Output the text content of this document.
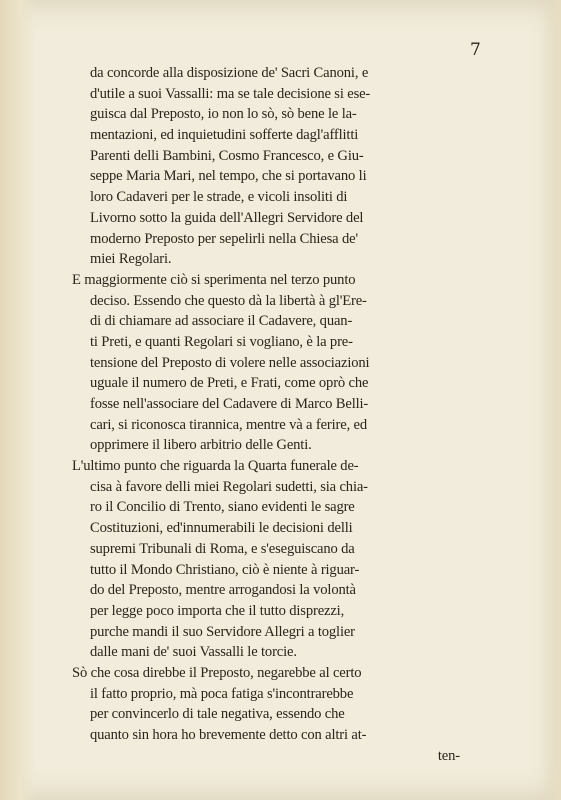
7
da concorde alla disposizione de' Sacri Canoni, e
d'utile a suoi Vassalli: ma se tale decisione si ese-
guisca dal Preposto, io non lo sò, sò bene le la-
mentazioni, ed inquietudini sofferte dagl'afflitti
Parenti delli Bambini, Cosmo Francesco, e Giu-
seppe Maria Mari, nel tempo, che si portavano li
loro Cadaveri per le strade, e vicoli insoliti di
Livorno sotto la guida dell'Allegri Servidore del
moderno Preposto per sepelirli nella Chiesa de'
miei Regolari.
E maggiormente ciò si sperimenta nel terzo punto
deciso. Essendo che questo dà la libertà à gl'Ere-
di di chiamare ad associare il Cadavere, quan-
ti Preti, e quanti Regolari si vogliano, è la pre-
tensione del Preposto di volere nelle associazioni
uguale il numero de Preti, e Frati, come oprò che
fosse nell'associare del Cadavere di Marco Belli-
cari, si riconosca tirannica, mentre và a ferire, ed
opprimere il libero arbitrio delle Genti.
L'ultimo punto che riguarda la Quarta funerale de-
cisa à favore delli miei Regolari sudetti, sia chia-
ro il Concilio di Trento, siano evidenti le sagre
Costituzioni, ed'innumerabili le decisioni delli
supremi Tribunali di Roma, e s'eseguiscano da
tutto il Mondo Christiano, ciò è niente à riguar-
do del Preposto, mentre arrogandosi la volontà
per legge poco importa che il tutto disprezzi,
purche mandi il suo Servidore Allegri a toglier
dalle mani de' suoi Vassalli le torcie.
Sò che cosa direbbe il Preposto, negarebbe al certo
il fatto proprio, mà poca fatiga s'incontrarebbe
per convincerlo di tale negativa, essendo che
quanto sin hora ho brevemente detto con altri at-
ten-
